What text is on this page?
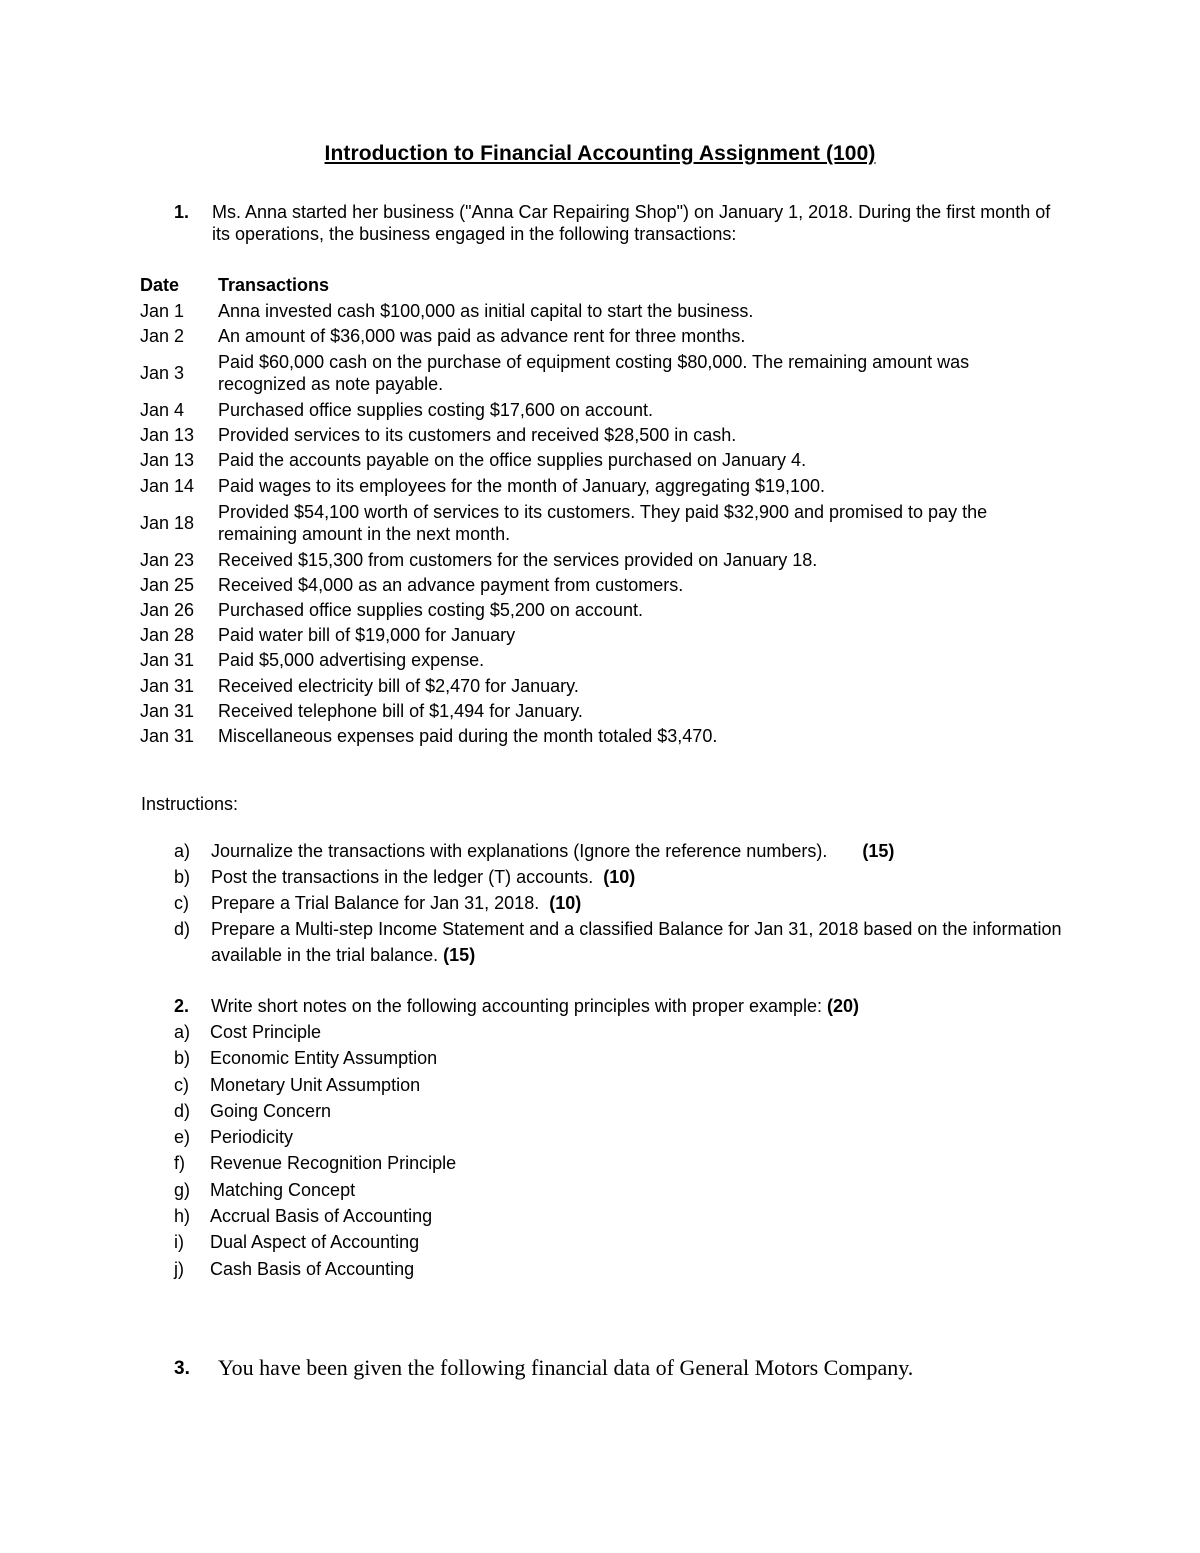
Introduction to Financial Accounting Assignment (100)
1. Ms. Anna started her business ("Anna Car Repairing Shop") on January 1, 2018. During the first month of its operations, the business engaged in the following transactions:
Date	Transactions
Jan 1	Anna invested cash $100,000 as initial capital to start the business.
Jan 2	An amount of $36,000 was paid as advance rent for three months.
Jan 3	Paid $60,000 cash on the purchase of equipment costing $80,000. The remaining amount was recognized as note payable.
Jan 4	Purchased office supplies costing $17,600 on account.
Jan 13	Provided services to its customers and received $28,500 in cash.
Jan 13	Paid the accounts payable on the office supplies purchased on January 4.
Jan 14	Paid wages to its employees for the month of January, aggregating $19,100.
Jan 18	Provided $54,100 worth of services to its customers. They paid $32,900 and promised to pay the remaining amount in the next month.
Jan 23	Received $15,300 from customers for the services provided on January 18.
Jan 25	Received $4,000 as an advance payment from customers.
Jan 26	Purchased office supplies costing $5,200 on account.
Jan 28	Paid water bill of $19,000 for January
Jan 31	Paid $5,000 advertising expense.
Jan 31	Received electricity bill of $2,470 for January.
Jan 31	Received telephone bill of $1,494 for January.
Jan 31	Miscellaneous expenses paid during the month totaled $3,470.
Instructions:
a) Journalize the transactions with explanations (Ignore the reference numbers). (15)
b) Post the transactions in the ledger (T) accounts. (10)
c) Prepare a Trial Balance for Jan 31, 2018. (10)
d) Prepare a Multi-step Income Statement and a classified Balance for Jan 31, 2018 based on the information available in the trial balance. (15)
2. Write short notes on the following accounting principles with proper example: (20)
a) Cost Principle
b) Economic Entity Assumption
c) Monetary Unit Assumption
d) Going Concern
e) Periodicity
f) Revenue Recognition Principle
g) Matching Concept
h) Accrual Basis of Accounting
i) Dual Aspect of Accounting
j) Cash Basis of Accounting
3. You have been given the following financial data of General Motors Company.
